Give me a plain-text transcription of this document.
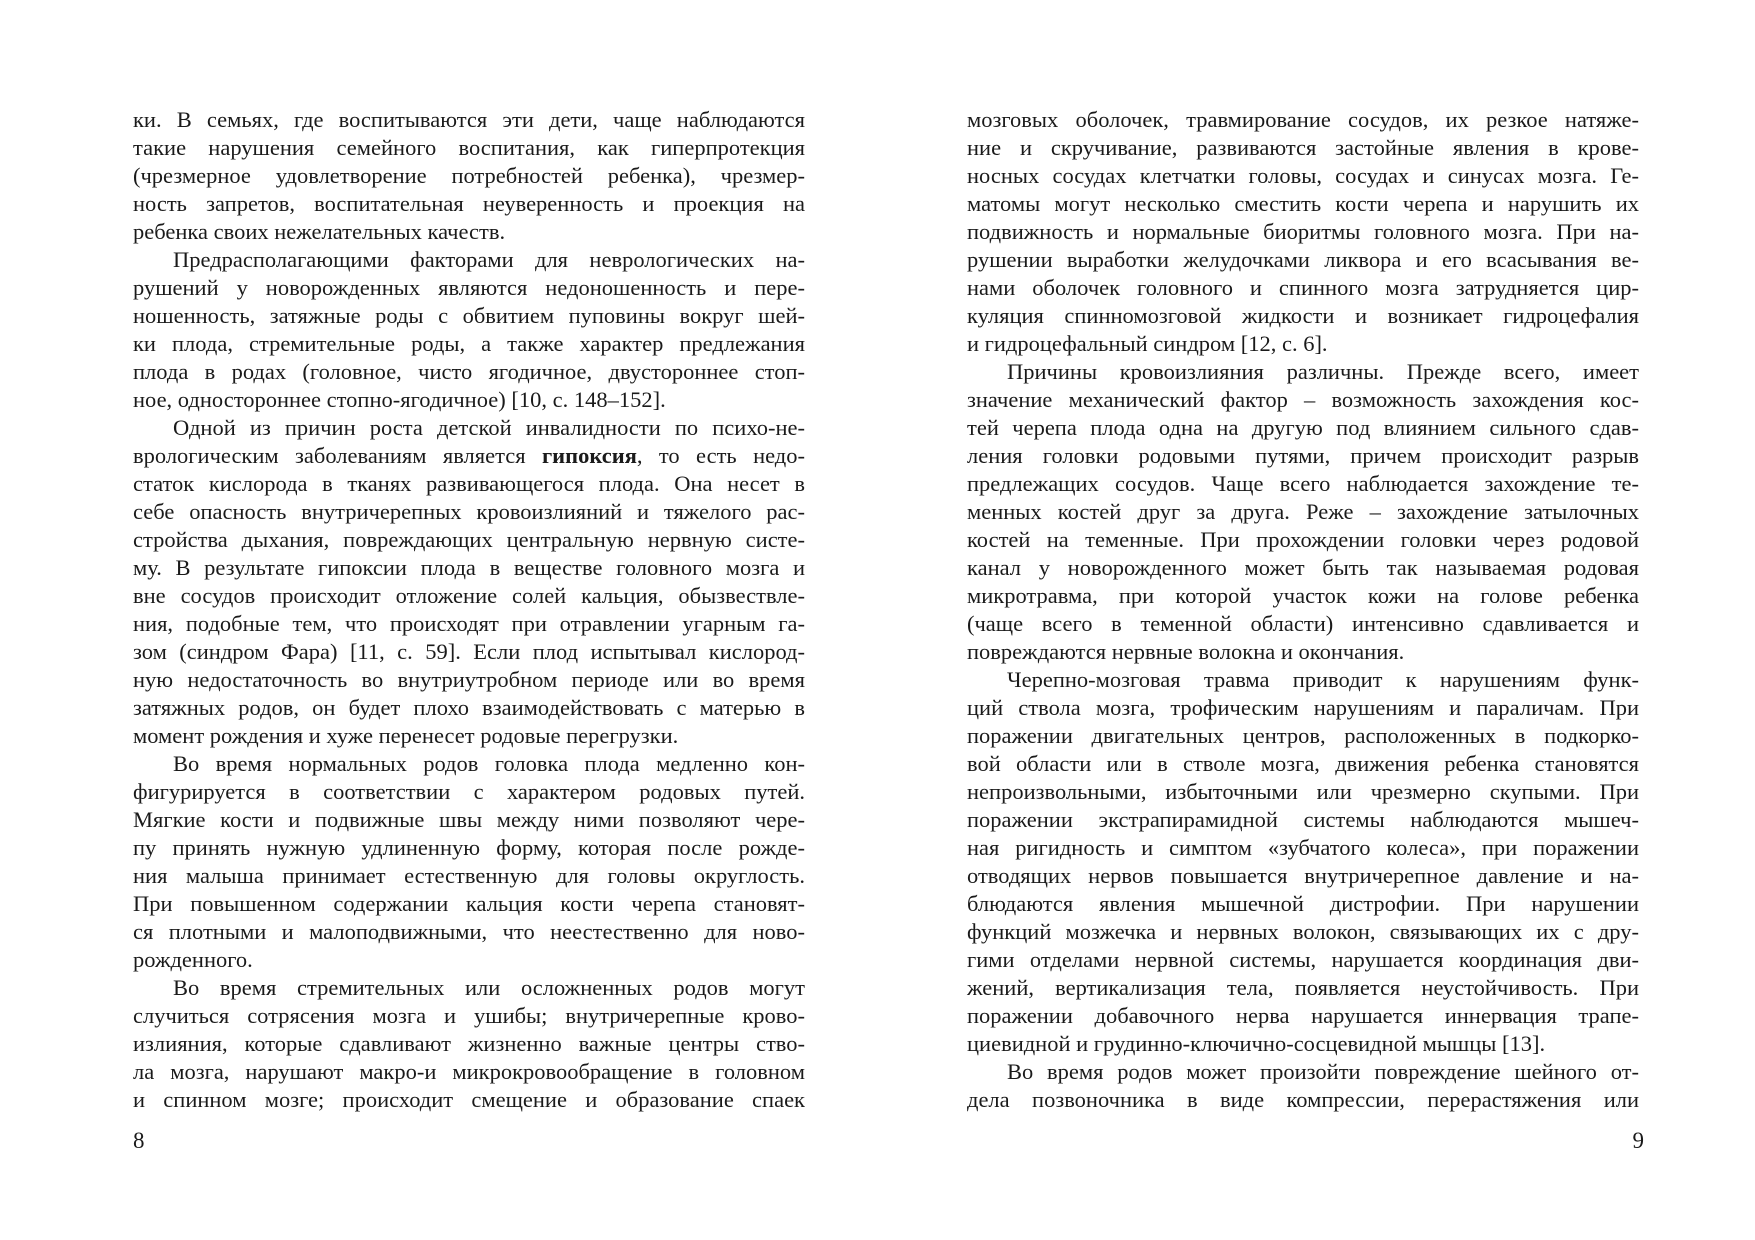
ки. В семьях, где воспитываются эти дети, чаще наблюдаются
такие нарушения семейного воспитания, как гиперпротекция
(чрезмерное удовлетворение потребностей ребенка), чрезмер-
ность запретов, воспитательная неуверенность и проекция на
ребенка своих нежелательных качеств.
Предрасполагающими факторами для неврологических на-
рушений у новорожденных являются недоношенность и пере-
ношенность, затяжные роды с обвитием пуповины вокруг шей-
ки плода, стремительные роды, а также характер предлежания
плода в родах (головное, чисто ягодичное, двустороннее стоп-
ное, одностороннее стопно-ягодичное) [10, с. 148–152].
Одной из причин роста детской инвалидности по психо-не-
врологическим заболеваниям является гипоксия, то есть недо-
статок кислорода в тканях развивающегося плода. Она несет в
себе опасность внутричерепных кровоизлияний и тяжелого рас-
стройства дыхания, повреждающих центральную нервную систе-
му. В результате гипоксии плода в веществе головного мозга и
вне сосудов происходит отложение солей кальция, обызвествле-
ния, подобные тем, что происходят при отравлении угарным га-
зом (синдром Фара) [11, с. 59]. Если плод испытывал кислород-
ную недостаточность во внутриутробном периоде или во время
затяжных родов, он будет плохо взаимодействовать с матерью в
момент рождения и хуже перенесет родовые перегрузки.
Во время нормальных родов головка плода медленно кон-
фигурируется в соответствии с характером родовых путей.
Мягкие кости и подвижные швы между ними позволяют чере-
пу принять нужную удлиненную форму, которая после рожде-
ния малыша принимает естественную для головы округлость.
При повышенном содержании кальция кости черепа становят-
ся плотными и малоподвижными, что неестественно для ново-
рожденного.
Во время стремительных или осложненных родов могут
случиться сотрясения мозга и ушибы; внутричерепные крово-
излияния, которые сдавливают жизненно важные центры ство-
ла мозга, нарушают макро-и микрокровообращение в головном
и спинном мозге; происходит смещение и образование спаек
8
мозговых оболочек, травмирование сосудов, их резкое натяже-
ние и скручивание, развиваются застойные явления в крове-
носных сосудах клетчатки головы, сосудах и синусах мозга. Ге-
матомы могут несколько сместить кости черепа и нарушить их
подвижность и нормальные биоритмы головного мозга. При на-
рушении выработки желудочками ликвора и его всасывания ве-
нами оболочек головного и спинного мозга затрудняется цир-
куляция спинномозговой жидкости и возникает гидроцефалия
и гидроцефальный синдром [12, с. 6].
Причины кровоизлияния различны. Прежде всего, имеет
значение механический фактор – возможность захождения кос-
тей черепа плода одна на другую под влиянием сильного сдав-
ления головки родовыми путями, причем происходит разрыв
предлежащих сосудов. Чаще всего наблюдается захождение те-
менных костей друг за друга. Реже – захождение затылочных
костей на теменные. При прохождении головки через родовой
канал у новорожденного может быть так называемая родовая
микротравма, при которой участок кожи на голове ребенка
(чаще всего в теменной области) интенсивно сдавливается и
повреждаются нервные волокна и окончания.
Черепно-мозговая травма приводит к нарушениям функ-
ций ствола мозга, трофическим нарушениям и параличам. При
поражении двигательных центров, расположенных в подкорко-
вой области или в стволе мозга, движения ребенка становятся
непроизвольными, избыточными или чрезмерно скупыми. При
поражении экстрапирамидной системы наблюдаются мышеч-
ная ригидность и симптом «зубчатого колеса», при поражении
отводящих нервов повышается внутричерепное давление и на-
блюдаются явления мышечной дистрофии. При нарушении
функций мозжечка и нервных волокон, связывающих их с дру-
гими отделами нервной системы, нарушается координация дви-
жений, вертикализация тела, появляется неустойчивость. При
поражении добавочного нерва нарушается иннервация трапе-
циевидной и грудинно-ключично-сосцевидной мышцы [13].
Во время родов может произойти повреждение шейного от-
дела позвоночника в виде компрессии, перерастяжения или
9
